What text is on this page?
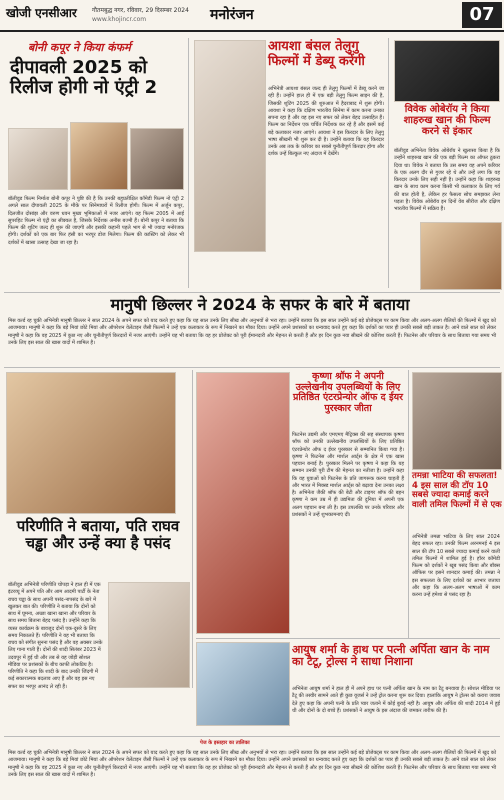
खोजी एनसीआर	गौतमबुद्ध नगर, रविवार, 29 दिसम्बर 2024
www.khojincr.com	मनोरंजन	07
बोनी कपूर ने किया कंफर्म
दीपावली 2025 को रिलीज होगी नो एंट्री 2
बॉलीवुड फिल्म निर्माता बोनी कपूर ने पुष्टि की है कि उनकी बहुप्रतीक्षित कॉमेडी फिल्म नो एंट्री 2 अगले साल दीपावली 2025 के मौके पर सिनेमाघरों में रिलीज होगी। फिल्म में अर्जुन कपूर, दिलजीत दोसांझ और वरुण धवन मुख्य भूमिकाओं में नजर आएंगे। यह फिल्म 2005 में आई सुपरहिट फिल्म नो एंट्री का सीक्वल है, जिसके निर्देशक अनीस बज्मी हैं। बोनी कपूर ने बताया कि फिल्म की शूटिंग जल्द ही शुरू की जाएगी और इसकी कहानी पहले भाग से भी ज्यादा मनोरंजक होगी। दर्शकों को एक बार फिर हंसी का भरपूर डोज मिलेगा। फिल्म की कास्टिंग को लेकर भी दर्शकों में खासा उत्साह देखा जा रहा है।
आयशा बंसल तेलुगु फिल्मों में डेब्यू करेंगी
अभिनेत्री आयशा बंसल जल्द ही तेलुगु फिल्मों में डेब्यू करने जा रही हैं। उन्होंने हाल ही में एक बड़ी तेलुगु फिल्म साइन की है, जिसकी शूटिंग 2025 की शुरुआत में हैदराबाद में शुरू होगी। आयशा ने कहा कि दक्षिण भारतीय सिनेमा में काम करना उनका सपना रहा है और वह इस नए सफर को लेकर बेहद उत्साहित हैं। फिल्म का निर्देशन एक चर्चित निर्देशक कर रहे हैं और इसमें कई बड़े कलाकार नजर आएंगे। आयशा ने इस किरदार के लिए तेलुगु भाषा सीखनी भी शुरू कर दी है। उन्होंने बताया कि यह किरदार उनके अब तक के करियर का सबसे चुनौतीपूर्ण किरदार होगा और दर्शक उन्हें बिल्कुल नए अंदाज में देखेंगे।
विवेक ओबेरॉय ने किया शाहरुख खान की फिल्म करने से इंकार
बॉलीवुड अभिनेता विवेक ओबेरॉय ने खुलासा किया है कि उन्होंने शाहरुख खान की एक बड़ी फिल्म का ऑफर ठुकरा दिया था। विवेक ने बताया कि उस समय वह अपने करियर के एक अलग दौर से गुजर रहे थे और उन्हें लगा कि वह किरदार उनके लिए सही नहीं है। उन्होंने कहा कि शाहरुख खान के साथ काम करना किसी भी कलाकार के लिए गर्व की बात होती है, लेकिन हर फैसला सोच समझकर लेना पड़ता है। विवेक ओबेरॉय इन दिनों वेब सीरीज और दक्षिण भारतीय फिल्मों में सक्रिय हैं।
मानुषी छिल्लर ने 2024 के सफर के बारे में बताया
मिस वर्ल्ड रह चुकी अभिनेत्री मानुषी छिल्लर ने साल 2024 के अपने सफर को याद करते हुए कहा कि यह साल उनके लिए सीख और अनुभवों से भरा रहा। उन्होंने बताया कि इस साल उन्होंने कई बड़े प्रोजेक्ट्स पर काम किया और अलग-अलग शैलियों की फिल्मों में खुद को आजमाया। मानुषी ने कहा कि बड़े मियां छोटे मियां और ऑपरेशन वेलेंटाइन जैसी फिल्मों ने उन्हें एक कलाकार के रूप में निखरने का मौका दिया। उन्होंने अपने प्रशंसकों का धन्यवाद करते हुए कहा कि दर्शकों का प्यार ही उनकी सबसे बड़ी ताकत है। आने वाले साल को लेकर मानुषी ने कहा कि वह 2025 में कुछ नए और चुनौतीपूर्ण किरदारों में नजर आएंगी। उन्होंने यह भी बताया कि वह हर प्रोजेक्ट को पूरी ईमानदारी और मेहनत से करती हैं और हर दिन कुछ नया सीखने की कोशिश करती हैं। फिटनेस और परिवार के साथ बिताया गया समय भी उनके लिए इस साल की खास यादों में शामिल है।
परिणीति ने बताया, पति राघव चड्ढा और उन्हें क्या है पसंद
बॉलीवुड अभिनेत्री परिणीति चोपड़ा ने हाल ही में एक इंटरव्यू में अपने पति और आम आदमी पार्टी के नेता राघव चड्ढा के साथ अपनी पसंद-नापसंद के बारे में खुलकर बात की। परिणीति ने बताया कि दोनों को साथ में घूमना, अच्छा खाना खाना और परिवार के साथ समय बिताना बेहद पसंद है। उन्होंने कहा कि व्यस्त कार्यक्रम के बावजूद दोनों एक-दूसरे के लिए समय निकालते हैं। परिणीति ने यह भी बताया कि राघव को संगीत सुनना पसंद है और वह अक्सर उनके लिए गाना गाती हैं। दोनों की शादी सितंबर 2023 में उदयपुर में हुई थी और तब से यह जोड़ी सोशल मीडिया पर प्रशंसकों के बीच काफी लोकप्रिय है। परिणीति ने कहा कि शादी के बाद उनकी जिंदगी में कई सकारात्मक बदलाव आए हैं और वह इस नए सफर का भरपूर आनंद ले रही हैं।
कृष्णा श्रॉफ ने अपनी उल्लेखनीय उपलब्धियों के लिए प्रतिष्ठित एंटरप्रेन्योर ऑफ द ईयर पुरस्कार जीता
फिटनेस उद्यमी और एमएमए मैट्रिक्स की सह संस्थापक कृष्णा श्रॉफ को उनकी उल्लेखनीय उपलब्धियों के लिए प्रतिष्ठित एंटरप्रेन्योर ऑफ द ईयर पुरस्कार से सम्मानित किया गया है। कृष्णा ने फिटनेस और मार्शल आर्ट्स के क्षेत्र में एक खास पहचान बनाई है। पुरस्कार मिलने पर कृष्णा ने कहा कि यह सम्मान उनकी पूरी टीम की मेहनत का नतीजा है। उन्होंने कहा कि वह युवाओं को फिटनेस के प्रति जागरूक करना चाहती हैं और भारत में मिक्स्ड मार्शल आर्ट्स को बढ़ावा देना उनका लक्ष्य है। अभिनेता जैकी श्रॉफ की बेटी और टाइगर श्रॉफ की बहन कृष्णा ने कम उम्र में ही उद्यमिता की दुनिया में अपनी एक अलग पहचान बना ली है। इस उपलब्धि पर उनके परिवार और प्रशंसकों ने उन्हें शुभकामनाएं दीं।
तमन्ना भाटिया की सफलता! 4 इस साल की टॉप 10 सबसे ज्यादा कमाई करने वाली तमिल फिल्मों में से एक
अभिनेत्री तमन्ना भाटिया के लिए साल 2024 बेहद सफल रहा। उनकी फिल्म अरनमनई 4 इस साल की टॉप 10 सबसे ज्यादा कमाई करने वाली तमिल फिल्मों में शामिल हुई है। हॉरर कॉमेडी फिल्म को दर्शकों ने खूब पसंद किया और बॉक्स ऑफिस पर इसने शानदार कमाई की। तमन्ना ने इस सफलता के लिए दर्शकों का आभार जताया और कहा कि अलग-अलग भाषाओं में काम करना उन्हें हमेशा से पसंद रहा है।
आयुष शर्मा के हाथ पर पत्नी अर्पिता खान के नाम का टैटू, ट्रोल्स ने साधा निशाना
अभिनेता आयुष शर्मा ने हाल ही में अपने हाथ पर पत्नी अर्पिता खान के नाम का टैटू बनवाया है। सोशल मीडिया पर टैटू की तस्वीर सामने आते ही कुछ यूजर्स ने उन्हें ट्रोल करना शुरू कर दिया। हालांकि आयुष ने ट्रोल्स को करारा जवाब देते हुए कहा कि अपनी पत्नी के प्रति प्यार जताने में कोई बुराई नहीं है। आयुष और अर्पिता की शादी 2014 में हुई थी और दोनों के दो बच्चे हैं। प्रशंसकों ने आयुष के इस अंदाज की जमकर तारीफ की है।
पेज के इस्तहार का तालिका
मिस वर्ल्ड रह चुकी अभिनेत्री मानुषी छिल्लर ने साल 2024 के अपने सफर को याद करते हुए कहा कि यह साल उनके लिए सीख और अनुभवों से भरा रहा। उन्होंने बताया कि इस साल उन्होंने कई बड़े प्रोजेक्ट्स पर काम किया और अलग-अलग शैलियों की फिल्मों में खुद को आजमाया। मानुषी ने कहा कि बड़े मियां छोटे मियां और ऑपरेशन वेलेंटाइन जैसी फिल्मों ने उन्हें एक कलाकार के रूप में निखरने का मौका दिया। उन्होंने अपने प्रशंसकों का धन्यवाद करते हुए कहा कि दर्शकों का प्यार ही उनकी सबसे बड़ी ताकत है। आने वाले साल को लेकर मानुषी ने कहा कि वह 2025 में कुछ नए और चुनौतीपूर्ण किरदारों में नजर आएंगी। उन्होंने यह भी बताया कि वह हर प्रोजेक्ट को पूरी ईमानदारी और मेहनत से करती हैं और हर दिन कुछ नया सीखने की कोशिश करती हैं। फिटनेस और परिवार के साथ बिताया गया समय भी उनके लिए इस साल की खास यादों में शामिल है।
